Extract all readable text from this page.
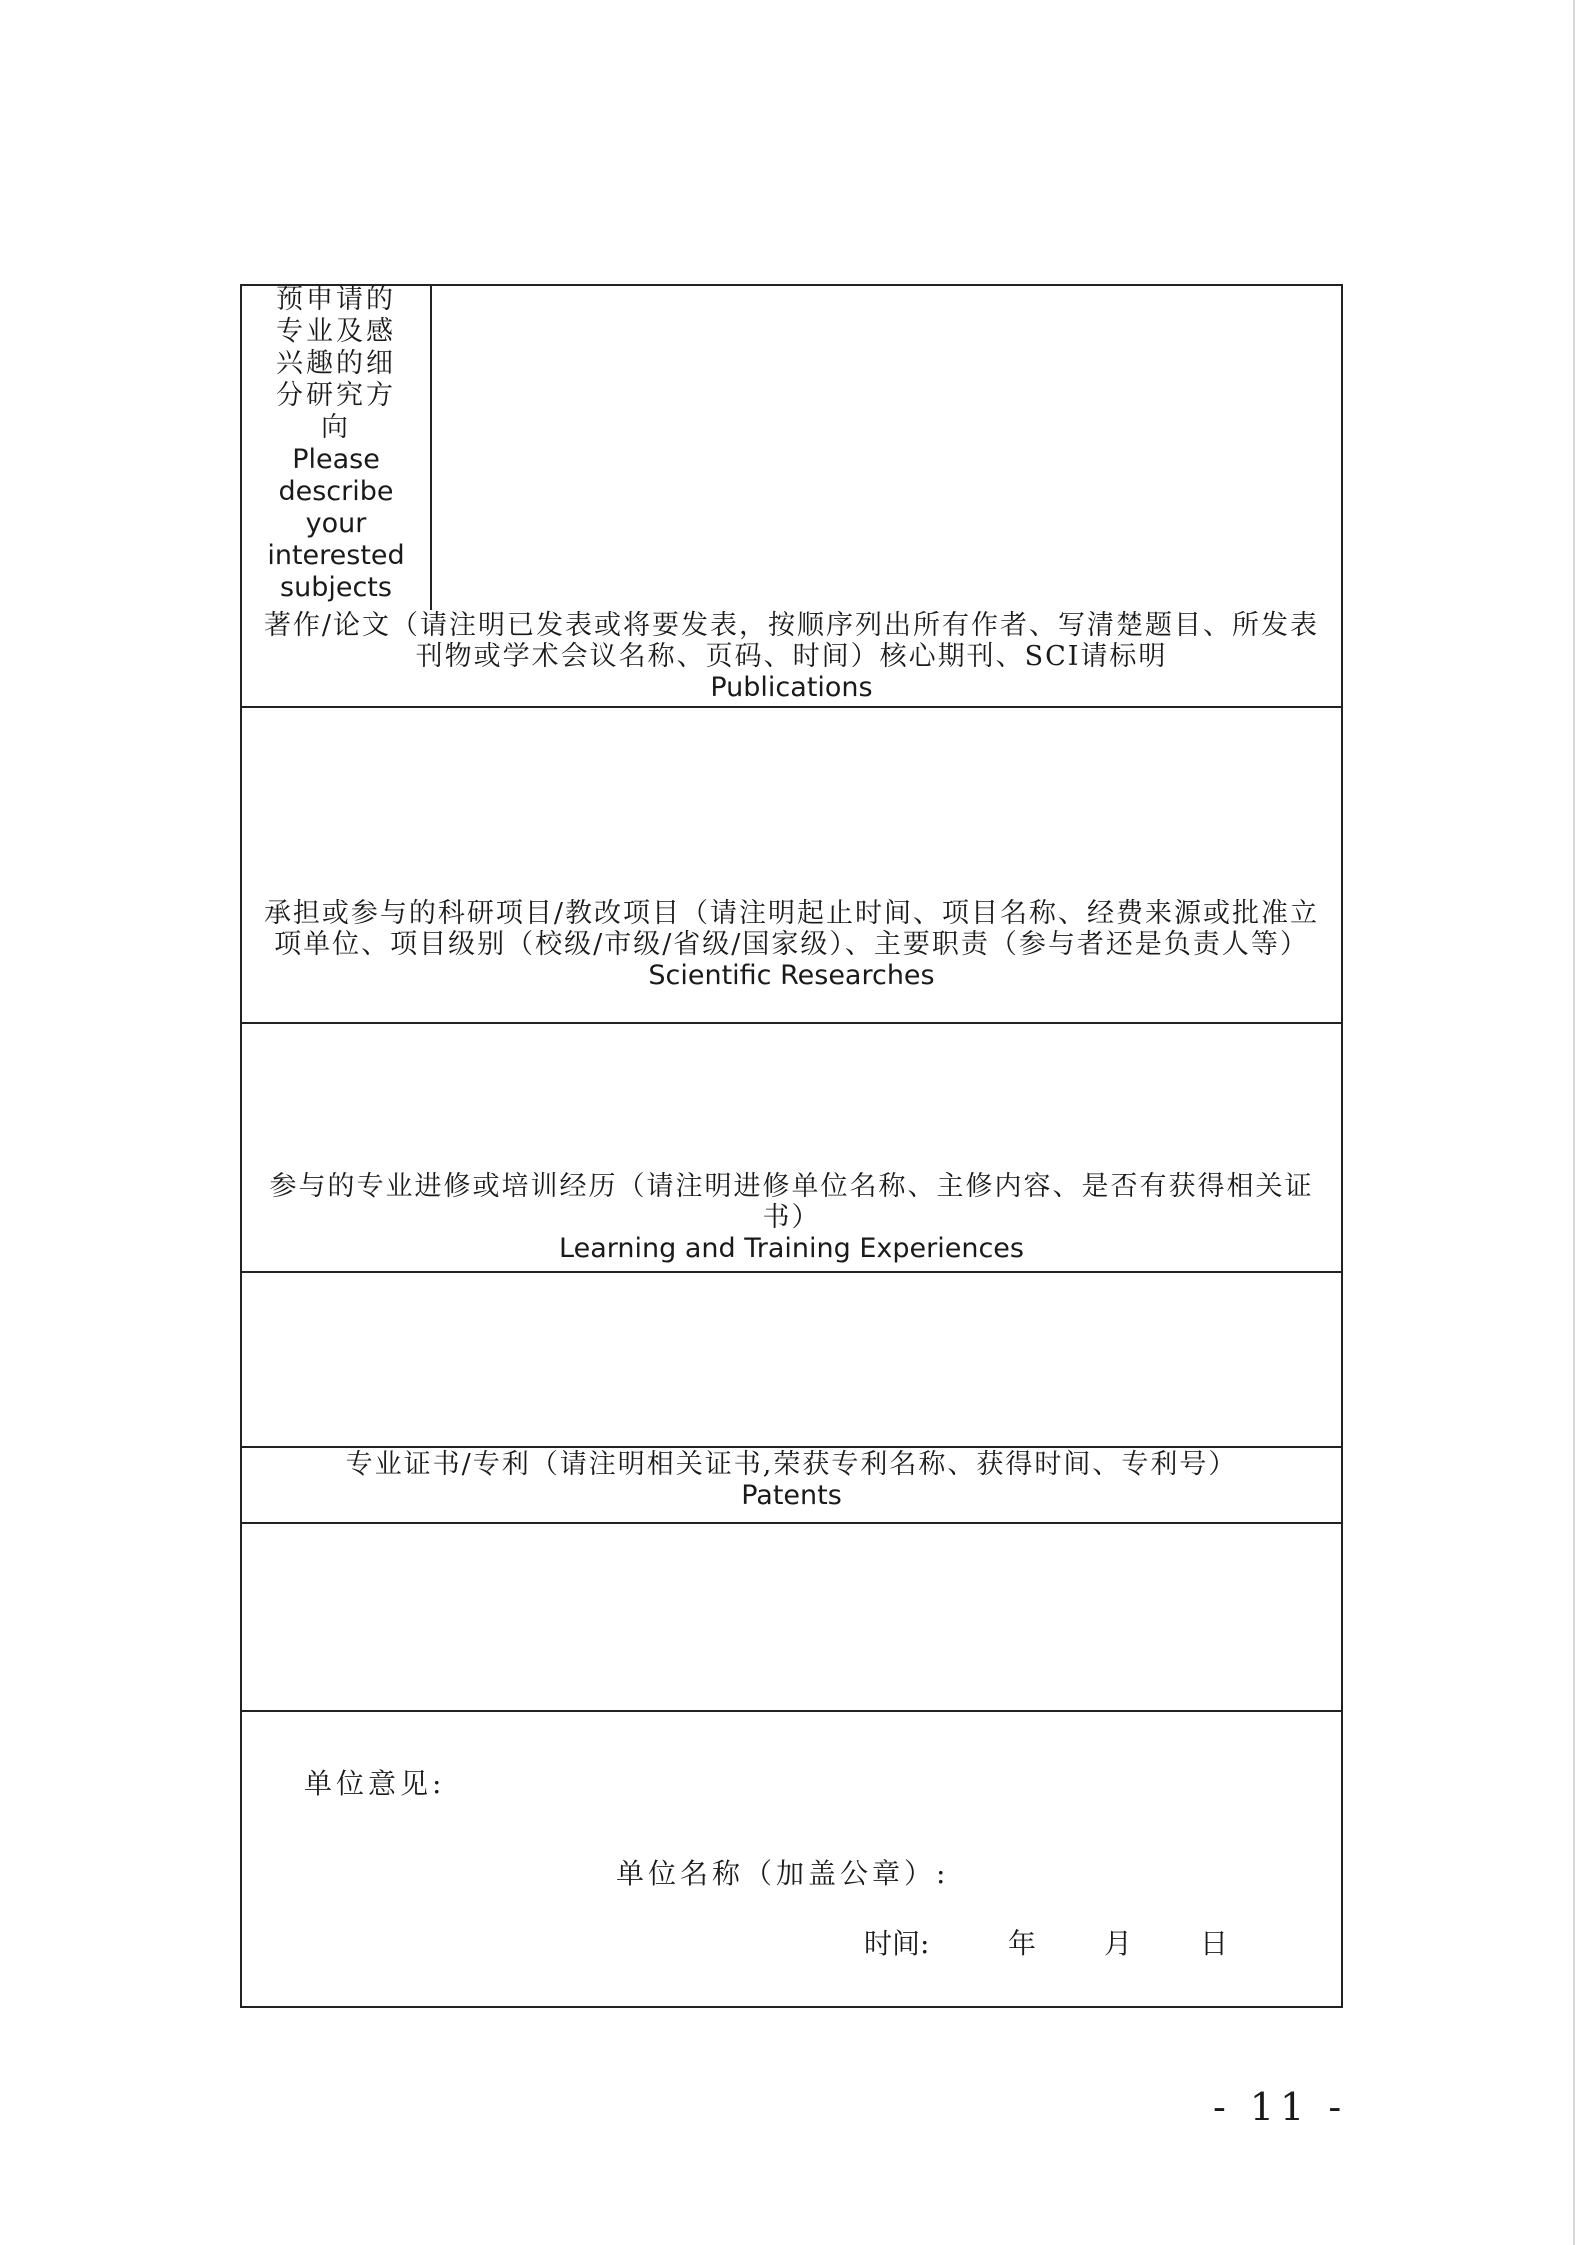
预申请的专业及感兴趣的细分研究方向
Please
describe
your
interested
subjects
著作/论文（请注明已发表或将要发表，按顺序列出所有作者、写清楚题目、所发表刊物或学术会议名称、页码、时间）核心期刊、SCI请标明
Publications
承担或参与的科研项目/教改项目（请注明起止时间、项目名称、经费来源或批准立项单位、项目级别（校级/市级/省级/国家级）、主要职责（参与者还是负责人等）
Scientific Researches
参与的专业进修或培训经历（请注明进修单位名称、主修内容、是否有获得相关证书）
Learning and Training Experiences
专业证书/专利（请注明相关证书,荣获专利名称、获得时间、专利号）
Patents
单位意见:
单位名称（加盖公章）:
时间:	年 月 日
- 11 -
